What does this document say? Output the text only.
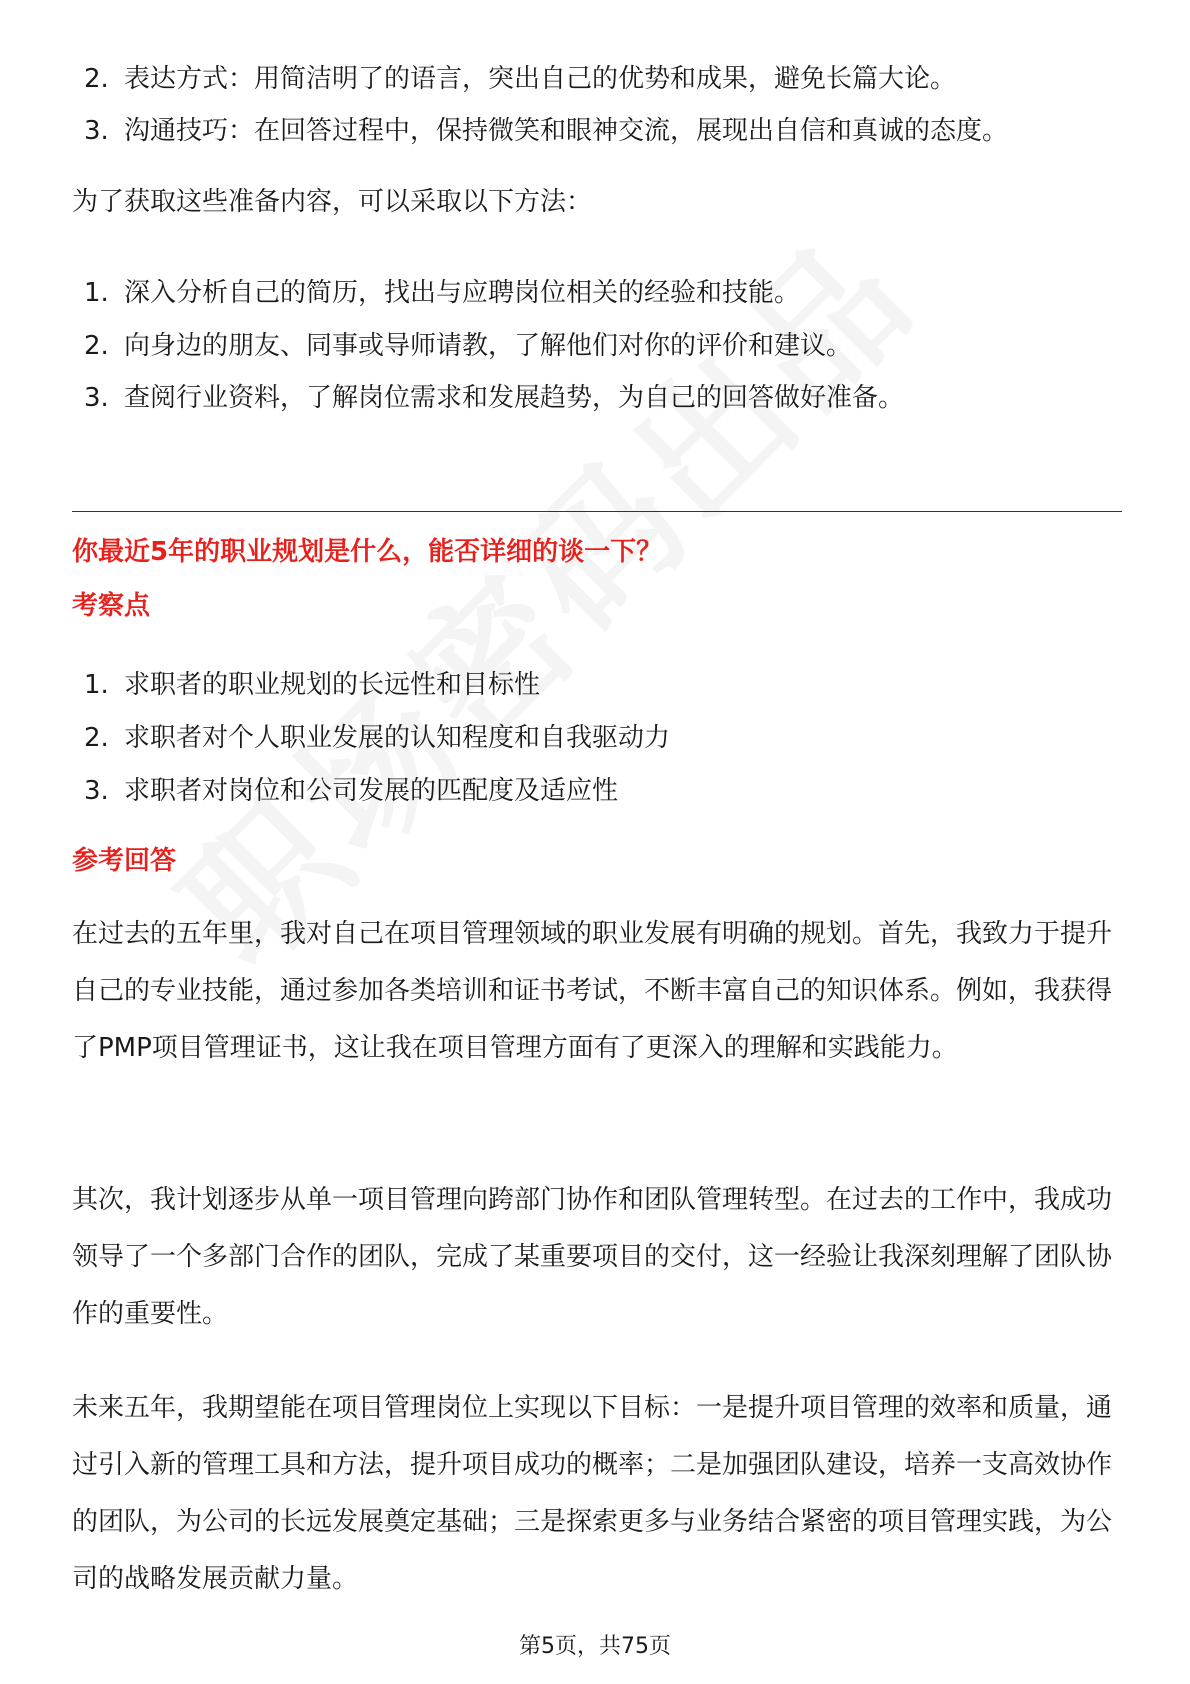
2. 表达方式：用简洁明了的语言，突出自己的优势和成果，避免长篇大论。
3. 沟通技巧：在回答过程中，保持微笑和眼神交流，展现出自信和真诚的态度。
为了获取这些准备内容，可以采取以下方法：
1. 深入分析自己的简历，找出与应聘岗位相关的经验和技能。
2. 向身边的朋友、同事或导师请教，了解他们对你的评价和建议。
3. 查阅行业资料，了解岗位需求和发展趋势，为自己的回答做好准备。
你最近5年的职业规划是什么，能否详细的谈一下？
考察点
1. 求职者的职业规划的长远性和目标性
2. 求职者对个人职业发展的认知程度和自我驱动力
3. 求职者对岗位和公司发展的匹配度及适应性
参考回答
在过去的五年里，我对自己在项目管理领域的职业发展有明确的规划。首先，我致力于提升自己的专业技能，通过参加各类培训和证书考试，不断丰富自己的知识体系。例如，我获得了PMP项目管理证书，这让我在项目管理方面有了更深入的理解和实践能力。
其次，我计划逐步从单一项目管理向跨部门协作和团队管理转型。在过去的工作中，我成功领导了一个多部门合作的团队，完成了某重要项目的交付，这一经验让我深刻理解了团队协作的重要性。
未来五年，我期望能在项目管理岗位上实现以下目标：一是提升项目管理的效率和质量，通过引入新的管理工具和方法，提升项目成功的概率；二是加强团队建设，培养一支高效协作的团队，为公司的长远发展奠定基础；三是探索更多与业务结合紧密的项目管理实践，为公司的战略发展贡献力量。
第5页，共75页
